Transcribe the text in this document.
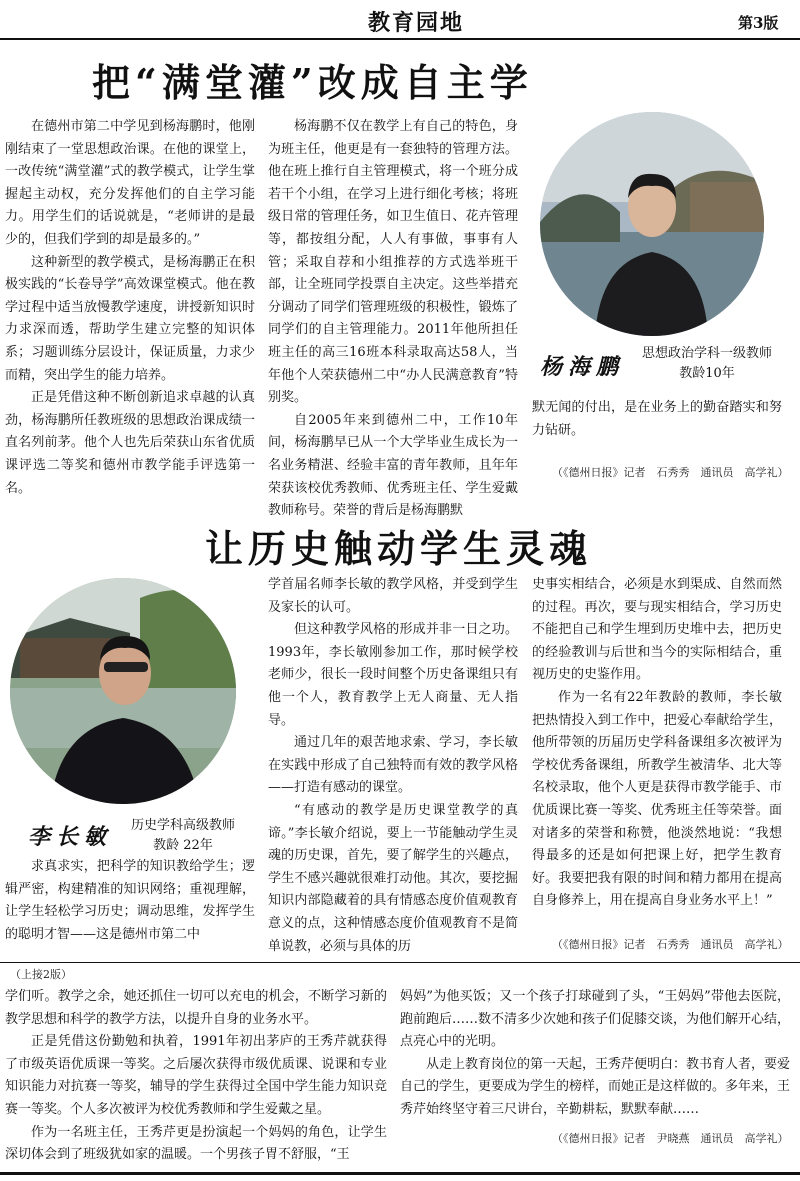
教育园地	第3版
把“满堂灌”改成自主学

在德州市第二中学见到杨海鹏时，他刚刚结束了一堂思想政治课。在他的课堂上，一改传统“满堂灌”式的教学模式，让学生掌握起主动权，充分发挥他们的自主学习能力。用学生们的话说就是，“老师讲的是最少的，但我们学到的却是最多的。”

这种新型的教学模式，是杨海鹏正在积极实践的“长卷导学”高效课堂模式。他在教学过程中适当放慢教学速度，讲授新知识时力求深而透，帮助学生建立完整的知识体系；习题训练分层设计，保证质量，力求少而精，突出学生的能力培养。

正是凭借这种不断创新追求卓越的认真劲，杨海鹏所任教班级的思想政治课成绩一直名列前茅。他个人也先后荣获山东省优质课评选二等奖和德州市教学能手评选第一名。

杨海鹏不仅在教学上有自己的特色，身为班主任，他更是有一套独特的管理方法。他在班上推行自主管理模式，将一个班分成若干个小组，在学习上进行细化考核；将班级日常的管理任务，如卫生值日、花卉管理等，都按组分配，人人有事做，事事有人管；采取自荐和小组推荐的方式选举班干部，让全班同学投票自主决定。这些举措充分调动了同学们管理班级的积极性，锻炼了同学们的自主管理能力。2011年他所担任班主任的高三16班本科录取高达58人，当年他个人荣获德州二中“办人民满意教育”特别奖。

自2005年来到德州二中，工作10年间，杨海鹏早已从一个大学毕业生成长为一名业务精湛、经验丰富的青年教师，且年年荣获该校优秀教师、优秀班主任、学生爱戴教师称号。荣誉的背后是杨海鹏默

杨海鹏
思想政治学科一级教师
教龄10年

默无闻的付出，是在业务上的勤奋踏实和努力钻研。

（《德州日报》记者　石秀秀　通讯员　高学礼）
让历史触动学生灵魂
李长敏	历史学科高级教师
教龄 22年

求真求实，把科学的知识教给学生；逻辑严密，构建精准的知识网络；重视理解，让学生轻松学习历史；调动思维，发挥学生的聪明才智——这是德州市第二中

学首届名师李长敏的教学风格，并受到学生及家长的认可。

但这种教学风格的形成并非一日之功。1993年，李长敏刚参加工作，那时候学校老师少，很长一段时间整个历史备课组只有他一个人，教育教学上无人商量、无人指导。

通过几年的艰苦地求索、学习，李长敏在实践中形成了自己独特而有效的教学风格——打造有感动的课堂。

“有感动的教学是历史课堂教学的真谛。”李长敏介绍说，要上一节能触动学生灵魂的历史课，首先，要了解学生的兴趣点，学生不感兴趣就很难打动他。其次，要挖掘知识内部隐藏着的具有情感态度价值观教育意义的点，这种情感态度价值观教育不是简单说教，必须与具体的历

史事实相结合，必须是水到渠成、自然而然的过程。再次，要与现实相结合，学习历史不能把自己和学生埋到历史堆中去，把历史的经验教训与后世和当今的实际相结合，重视历史的史鉴作用。

作为一名有22年教龄的教师，李长敏把热情投入到工作中，把爱心奉献给学生，他所带领的历届历史学科备课组多次被评为学校优秀备课组，所教学生被清华、北大等名校录取，他个人更是获得市教学能手、市优质课比赛一等奖、优秀班主任等荣誉。面对诸多的荣誉和称赞，他淡然地说：“我想得最多的还是如何把课上好，把学生教育好。我要把我有限的时间和精力都用在提高自身修养上，用在提高自身业务水平上！”

（《德州日报》记者　石秀秀　通讯员　高学礼）
（上接2版）

学们听。教学之余，她还抓住一切可以充电的机会，不断学习新的教学思想和科学的教学方法，以提升自身的业务水平。

正是凭借这份勤勉和执着，1991年初出茅庐的王秀芹就获得了市级英语优质课一等奖。之后屡次获得市级优质课、说课和专业知识能力对抗赛一等奖，辅导的学生获得过全国中学生能力知识竞赛一等奖。个人多次被评为校优秀教师和学生爱戴之星。

作为一名班主任，王秀芹更是扮演起一个妈妈的角色，让学生深切体会到了班级犹如家的温暖。一个男孩子胃不舒服，“王

妈妈”为他买饭；又一个孩子打球碰到了头，“王妈妈”带他去医院，跑前跑后……数不清多少次她和孩子们促膝交谈，为他们解开心结，点亮心中的光明。

从走上教育岗位的第一天起，王秀芹便明白：教书育人者，要爱自己的学生，更要成为学生的榜样，而她正是这样做的。多年来，王秀芹始终坚守着三尺讲台，辛勤耕耘，默默奉献……

（《德州日报》记者　尹晓燕　通讯员　高学礼）
